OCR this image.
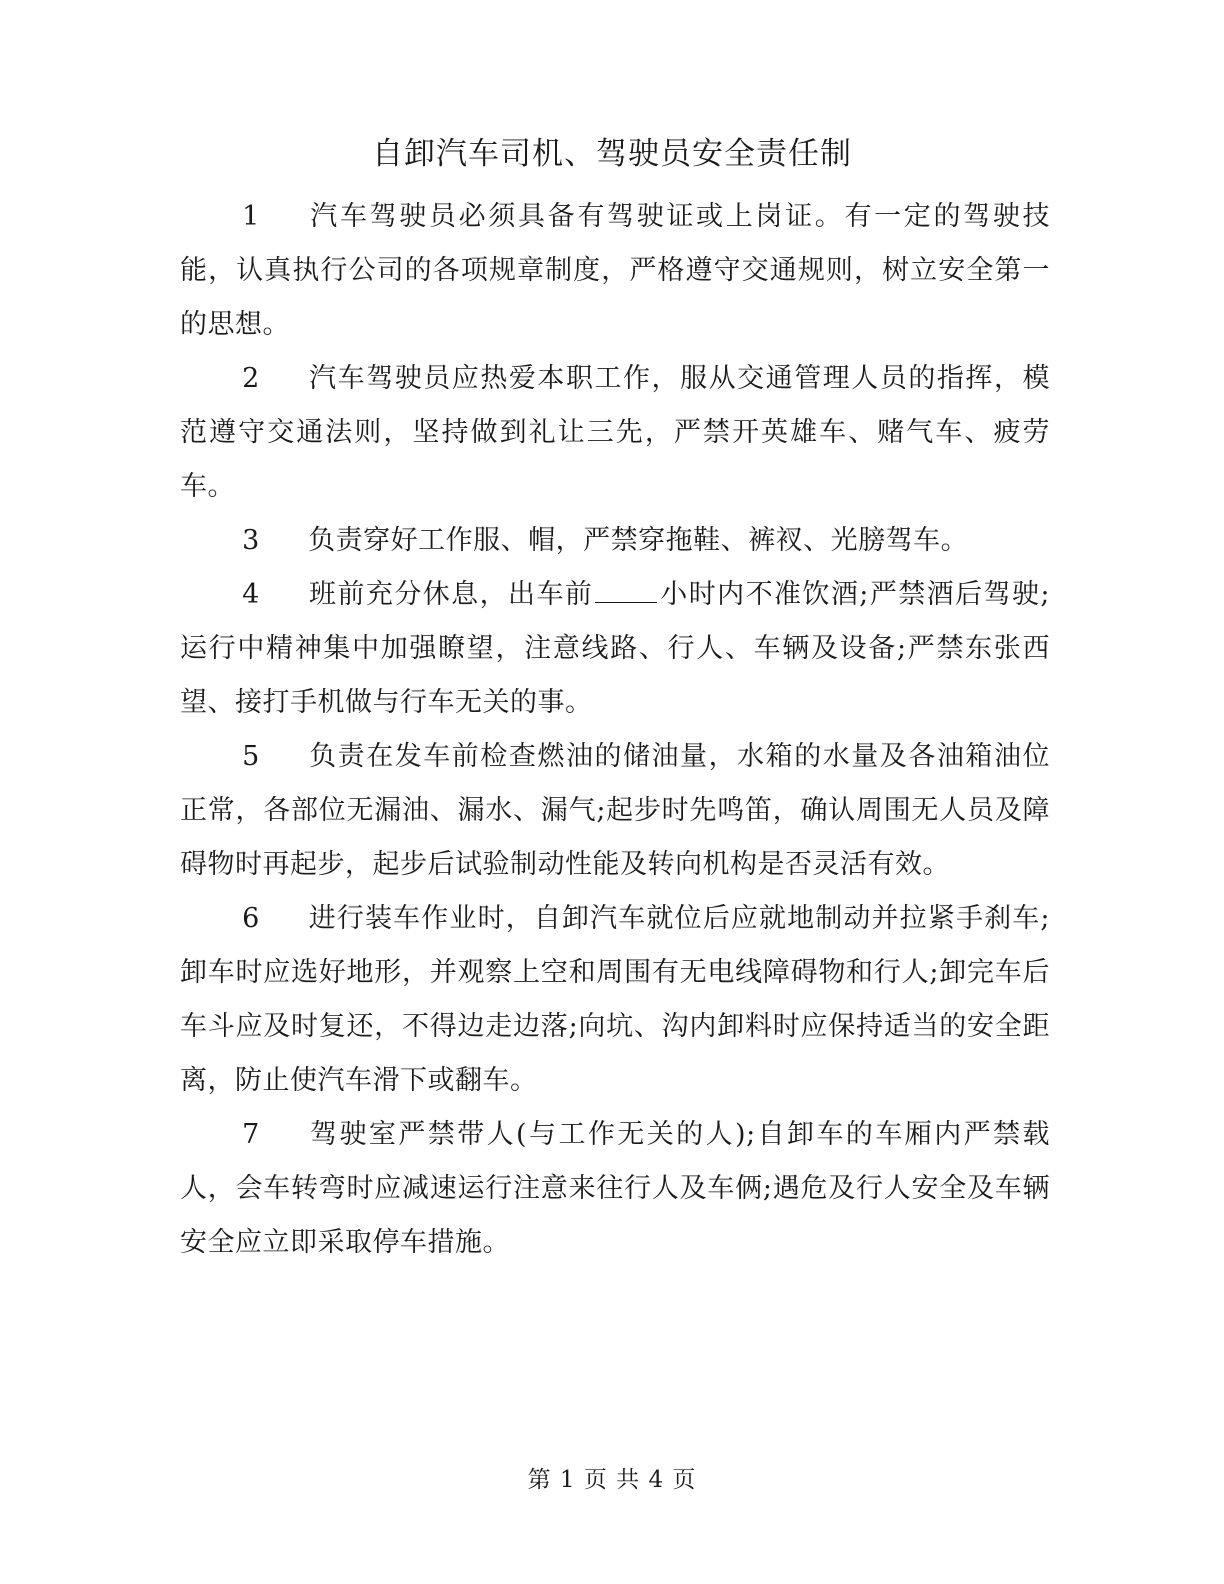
自卸汽车司机、驾驶员安全责任制

1 汽车驾驶员必须具备有驾驶证或上岗证。有一定的驾驶技能，认真执行公司的各项规章制度，严格遵守交通规则，树立安全第一的思想。

2 汽车驾驶员应热爱本职工作，服从交通管理人员的指挥，模范遵守交通法则，坚持做到礼让三先，严禁开英雄车、赌气车、疲劳车。

3 负责穿好工作服、帽，严禁穿拖鞋、裤衩、光膀驾车。

4 班前充分休息，出车前 小时内不准饮酒;严禁酒后驾驶;运行中精神集中加强瞭望，注意线路、行人、车辆及设备;严禁东张西望、接打手机做与行车无关的事。

5 负责在发车前检查燃油的储油量，水箱的水量及各油箱油位正常，各部位无漏油、漏水、漏气;起步时先鸣笛，确认周围无人员及障碍物时再起步，起步后试验制动性能及转向机构是否灵活有效。

6 进行装车作业时，自卸汽车就位后应就地制动并拉紧手刹车;卸车时应选好地形，并观察上空和周围有无电线障碍物和行人;卸完车后车斗应及时复还，不得边走边落;向坑、沟内卸料时应保持适当的安全距离，防止使汽车滑下或翻车。

7 驾驶室严禁带人(与工作无关的人);自卸车的车厢内严禁载人，会车转弯时应减速运行注意来往行人及车俩;遇危及行人安全及车辆安全应立即采取停车措施。

第 1 页 共 4 页
